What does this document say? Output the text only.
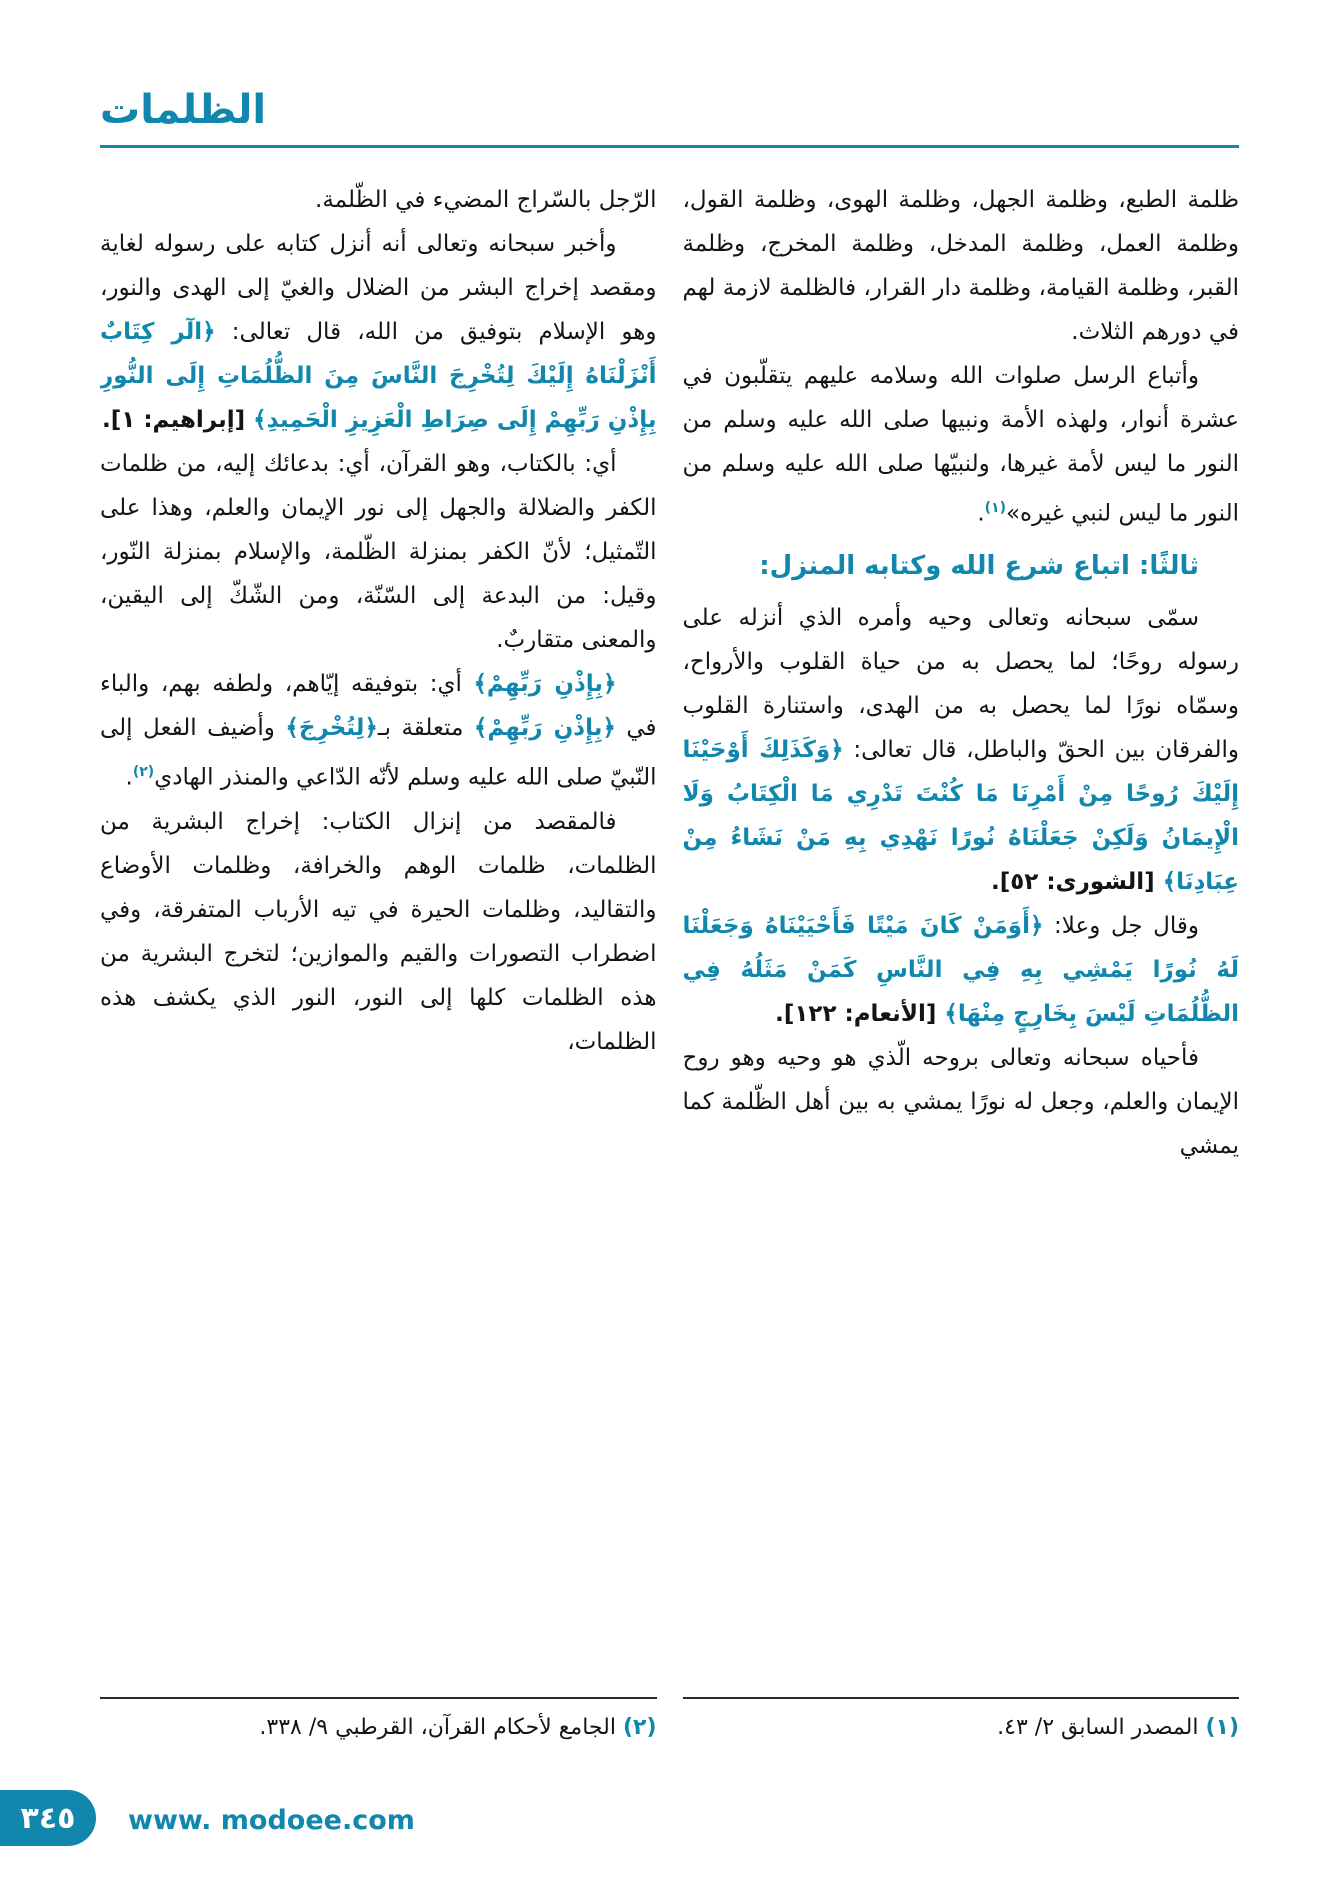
الظلمات

ظلمة الطبع، وظلمة الجهل، وظلمة الهوى، وظلمة القول، وظلمة العمل، وظلمة المدخل، وظلمة المخرج، وظلمة القبر، وظلمة القيامة، وظلمة دار القرار، فالظلمة لازمة لهم في دورهم الثلاث.

وأتباع الرسل صلوات الله وسلامه عليهم يتقلّبون في عشرة أنوار، ولهذه الأمة ونبيها صلى الله عليه وسلم من النور ما ليس لأمة غيرها، ولنبيّها صلى الله عليه وسلم من النور ما ليس لنبي غيره»$^{(١)}$.

ثالثًا: اتباع شرع الله وكتابه المنزل:

سمّى سبحانه وتعالى وحيه وأمره الذي أنزله على رسوله روحًا؛ لما يحصل به من حياة القلوب والأرواح، وسمّاه نورًا لما يحصل به من الهدى، واستنارة القلوب والفرقان بين الحقّ والباطل، قال تعالى: ﴿وَكَذَلِكَ أَوْحَيْنَا إِلَيْكَ رُوحًا مِنْ أَمْرِنَا مَا كُنْتَ تَدْرِي مَا الْكِتَابُ وَلَا الْإِيمَانُ وَلَكِنْ جَعَلْنَاهُ نُورًا نَهْدِي بِهِ مَنْ نَشَاءُ مِنْ عِبَادِنَا﴾ [الشورى: ٥٢].

وقال جل وعلا: ﴿أَوَمَنْ كَانَ مَيْتًا فَأَحْيَيْنَاهُ وَجَعَلْنَا لَهُ نُورًا يَمْشِي بِهِ فِي النَّاسِ كَمَنْ مَثَلُهُ فِي الظُّلُمَاتِ لَيْسَ بِخَارِجٍ مِنْهَا﴾ [الأنعام: ١٢٢].

فأحياه سبحانه وتعالى بروحه الّذي هو وحيه وهو روح الإيمان والعلم، وجعل له نورًا يمشي به بين أهل الظّلمة كما يمشي

الرّجل بالسّراج المضيء في الظّلمة.

وأخبر سبحانه وتعالى أنه أنزل كتابه على رسوله لغاية ومقصد إخراج البشر من الضلال والغيّ إلى الهدى والنور، وهو الإسلام بتوفيق من الله، قال تعالى: ﴿الٓر كِتَابٌ أَنْزَلْنَاهُ إِلَيْكَ لِتُخْرِجَ النَّاسَ مِنَ الظُّلُمَاتِ إِلَى النُّورِ بِإِذْنِ رَبِّهِمْ إِلَى صِرَاطِ الْعَزِيزِ الْحَمِيدِ﴾ [إبراهيم: ١].

أي: بالكتاب، وهو القرآن، أي: بدعائك إليه، من ظلمات الكفر والضلالة والجهل إلى نور الإيمان والعلم، وهذا على التّمثيل؛ لأنّ الكفر بمنزلة الظّلمة، والإسلام بمنزلة النّور، وقيل: من البدعة إلى السّنّة، ومن الشّكّ إلى اليقين، والمعنى متقاربٌ.

﴿بِإِذْنِ رَبِّهِمْ﴾ أي: بتوفيقه إيّاهم، ولطفه بهم، والباء في ﴿بِإِذْنِ رَبِّهِمْ﴾ متعلقة بـ﴿لِتُخْرِجَ﴾ وأضيف الفعل إلى النّبيّ صلى الله عليه وسلم لأنّه الدّاعي والمنذر الهادي$^{(٢)}$.

فالمقصد من إنزال الكتاب: إخراج البشرية من الظلمات، ظلمات الوهم والخرافة، وظلمات الأوضاع والتقاليد، وظلمات الحيرة في تيه الأرباب المتفرقة، وفي اضطراب التصورات والقيم والموازين؛ لتخرج البشرية من هذه الظلمات كلها إلى النور، النور الذي يكشف هذه الظلمات،

(١) المصدر السابق ٢/ ٤٣.
(٢) الجامع لأحكام القرآن، القرطبي ٩/ ٣٣٨.
٣٤٥ www. modoee.com
